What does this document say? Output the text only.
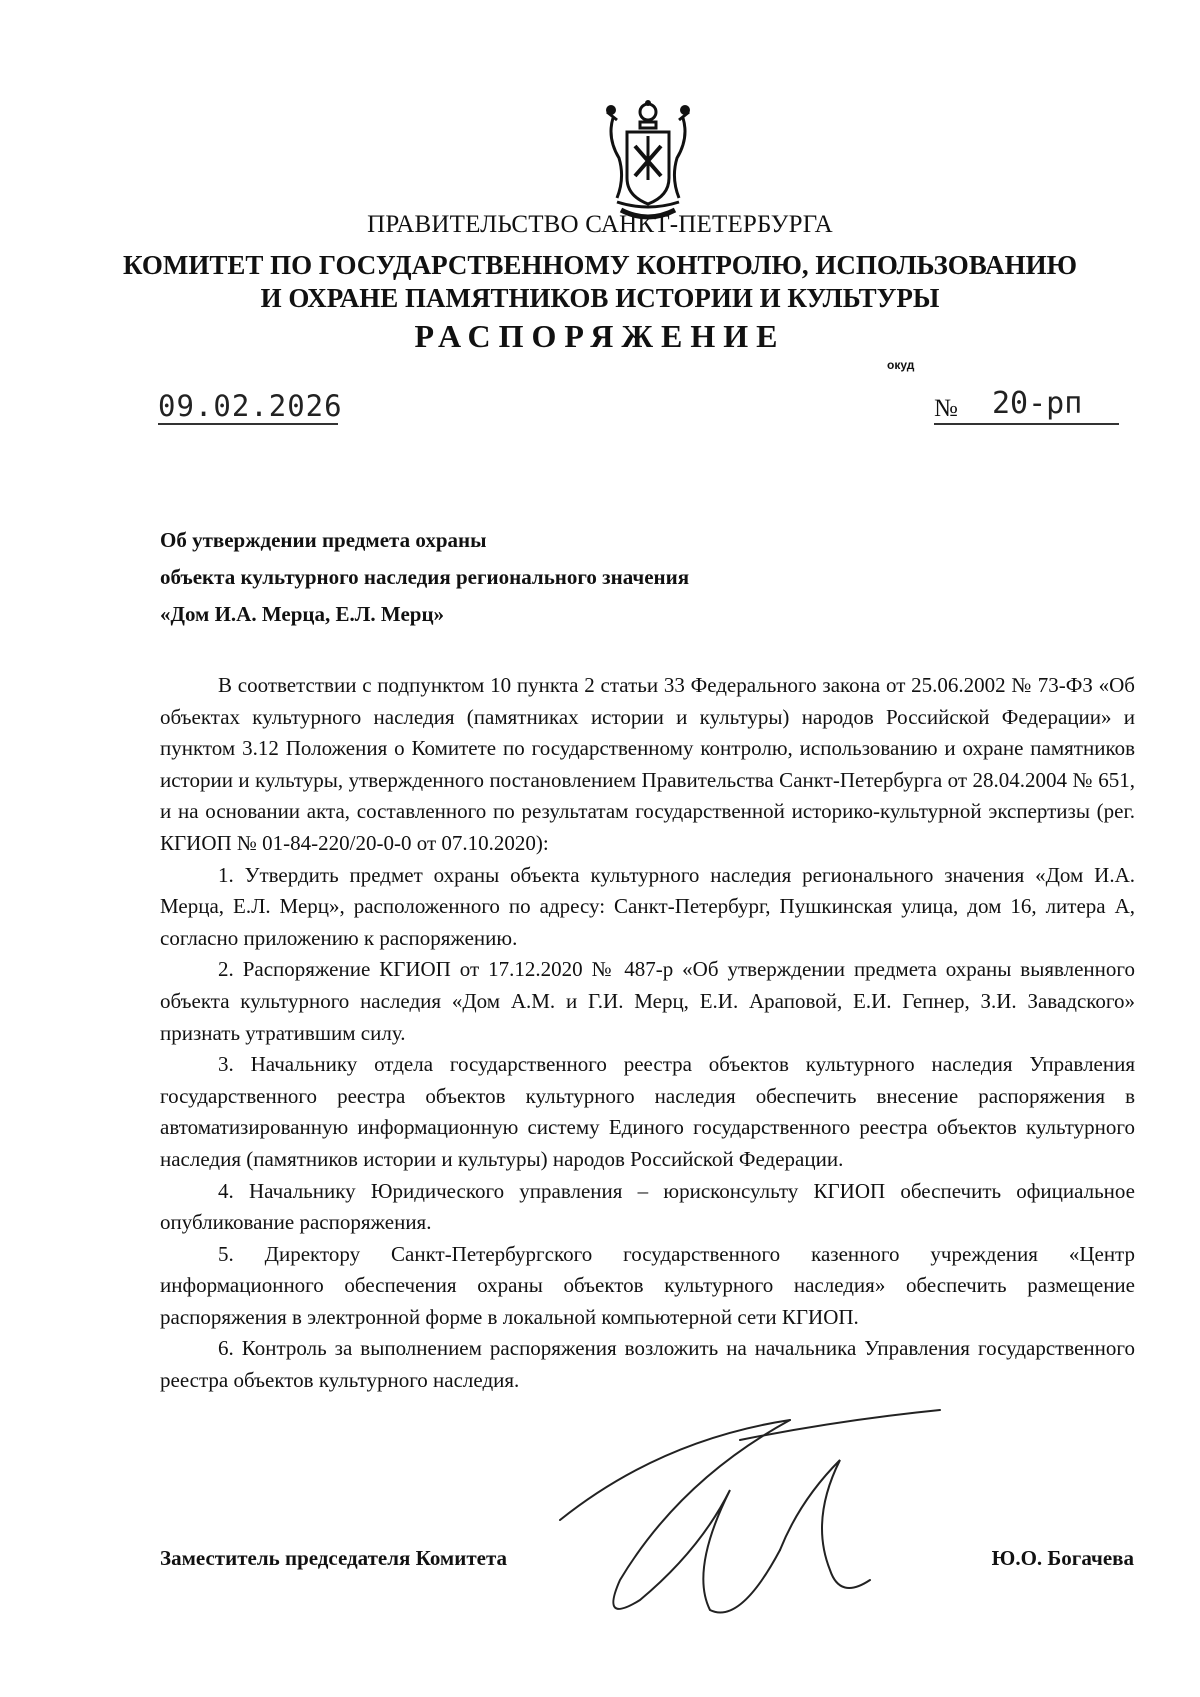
ПРАВИТЕЛЬСТВО САНКТ-ПЕТЕРБУРГА
КОМИТЕТ ПО ГОСУДАРСТВЕННОМУ КОНТРОЛЮ, ИСПОЛЬЗОВАНИЮ
И ОХРАНЕ ПАМЯТНИКОВ ИСТОРИИ И КУЛЬТУРЫ
РАСПОРЯЖЕНИЕ
окуд
09.02.2026	№ 20-рп
Об утверждении предмета охраны
объекта культурного наследия регионального значения
«Дом И.А. Мерца, Е.Л. Мерц»

В соответствии с подпунктом 10 пункта 2 статьи 33 Федерального закона от 25.06.2002 № 73-ФЗ «Об объектах культурного наследия (памятниках истории и культуры) народов Российской Федерации» и пунктом 3.12 Положения о Комитете по государственному контролю, использованию и охране памятников истории и культуры, утвержденного постановлением Правительства Санкт-Петербурга от 28.04.2004 № 651, и на основании акта, составленного по результатам государственной историко-культурной экспертизы (рег. КГИОП № 01-84-220/20-0-0 от 07.10.2020):

1. Утвердить предмет охраны объекта культурного наследия регионального значения «Дом И.А. Мерца, Е.Л. Мерц», расположенного по адресу: Санкт-Петербург, Пушкинская улица, дом 16, литера А, согласно приложению к распоряжению.

2. Распоряжение КГИОП от 17.12.2020 № 487-р «Об утверждении предмета охраны выявленного объекта культурного наследия «Дом А.М. и Г.И. Мерц, Е.И. Араповой, Е.И. Гепнер, З.И. Завадского» признать утратившим силу.

3. Начальнику отдела государственного реестра объектов культурного наследия Управления государственного реестра объектов культурного наследия обеспечить внесение распоряжения в автоматизированную информационную систему Единого государственного реестра объектов культурного наследия (памятников истории и культуры) народов Российской Федерации.

4. Начальнику Юридического управления – юрисконсульту КГИОП обеспечить официальное опубликование распоряжения.

5. Директору Санкт-Петербургского государственного казенного учреждения «Центр информационного обеспечения охраны объектов культурного наследия» обеспечить размещение распоряжения в электронной форме в локальной компьютерной сети КГИОП.

6. Контроль за выполнением распоряжения возложить на начальника Управления государственного реестра объектов культурного наследия.

Заместитель председателя Комитета	Ю.О. Богачева
